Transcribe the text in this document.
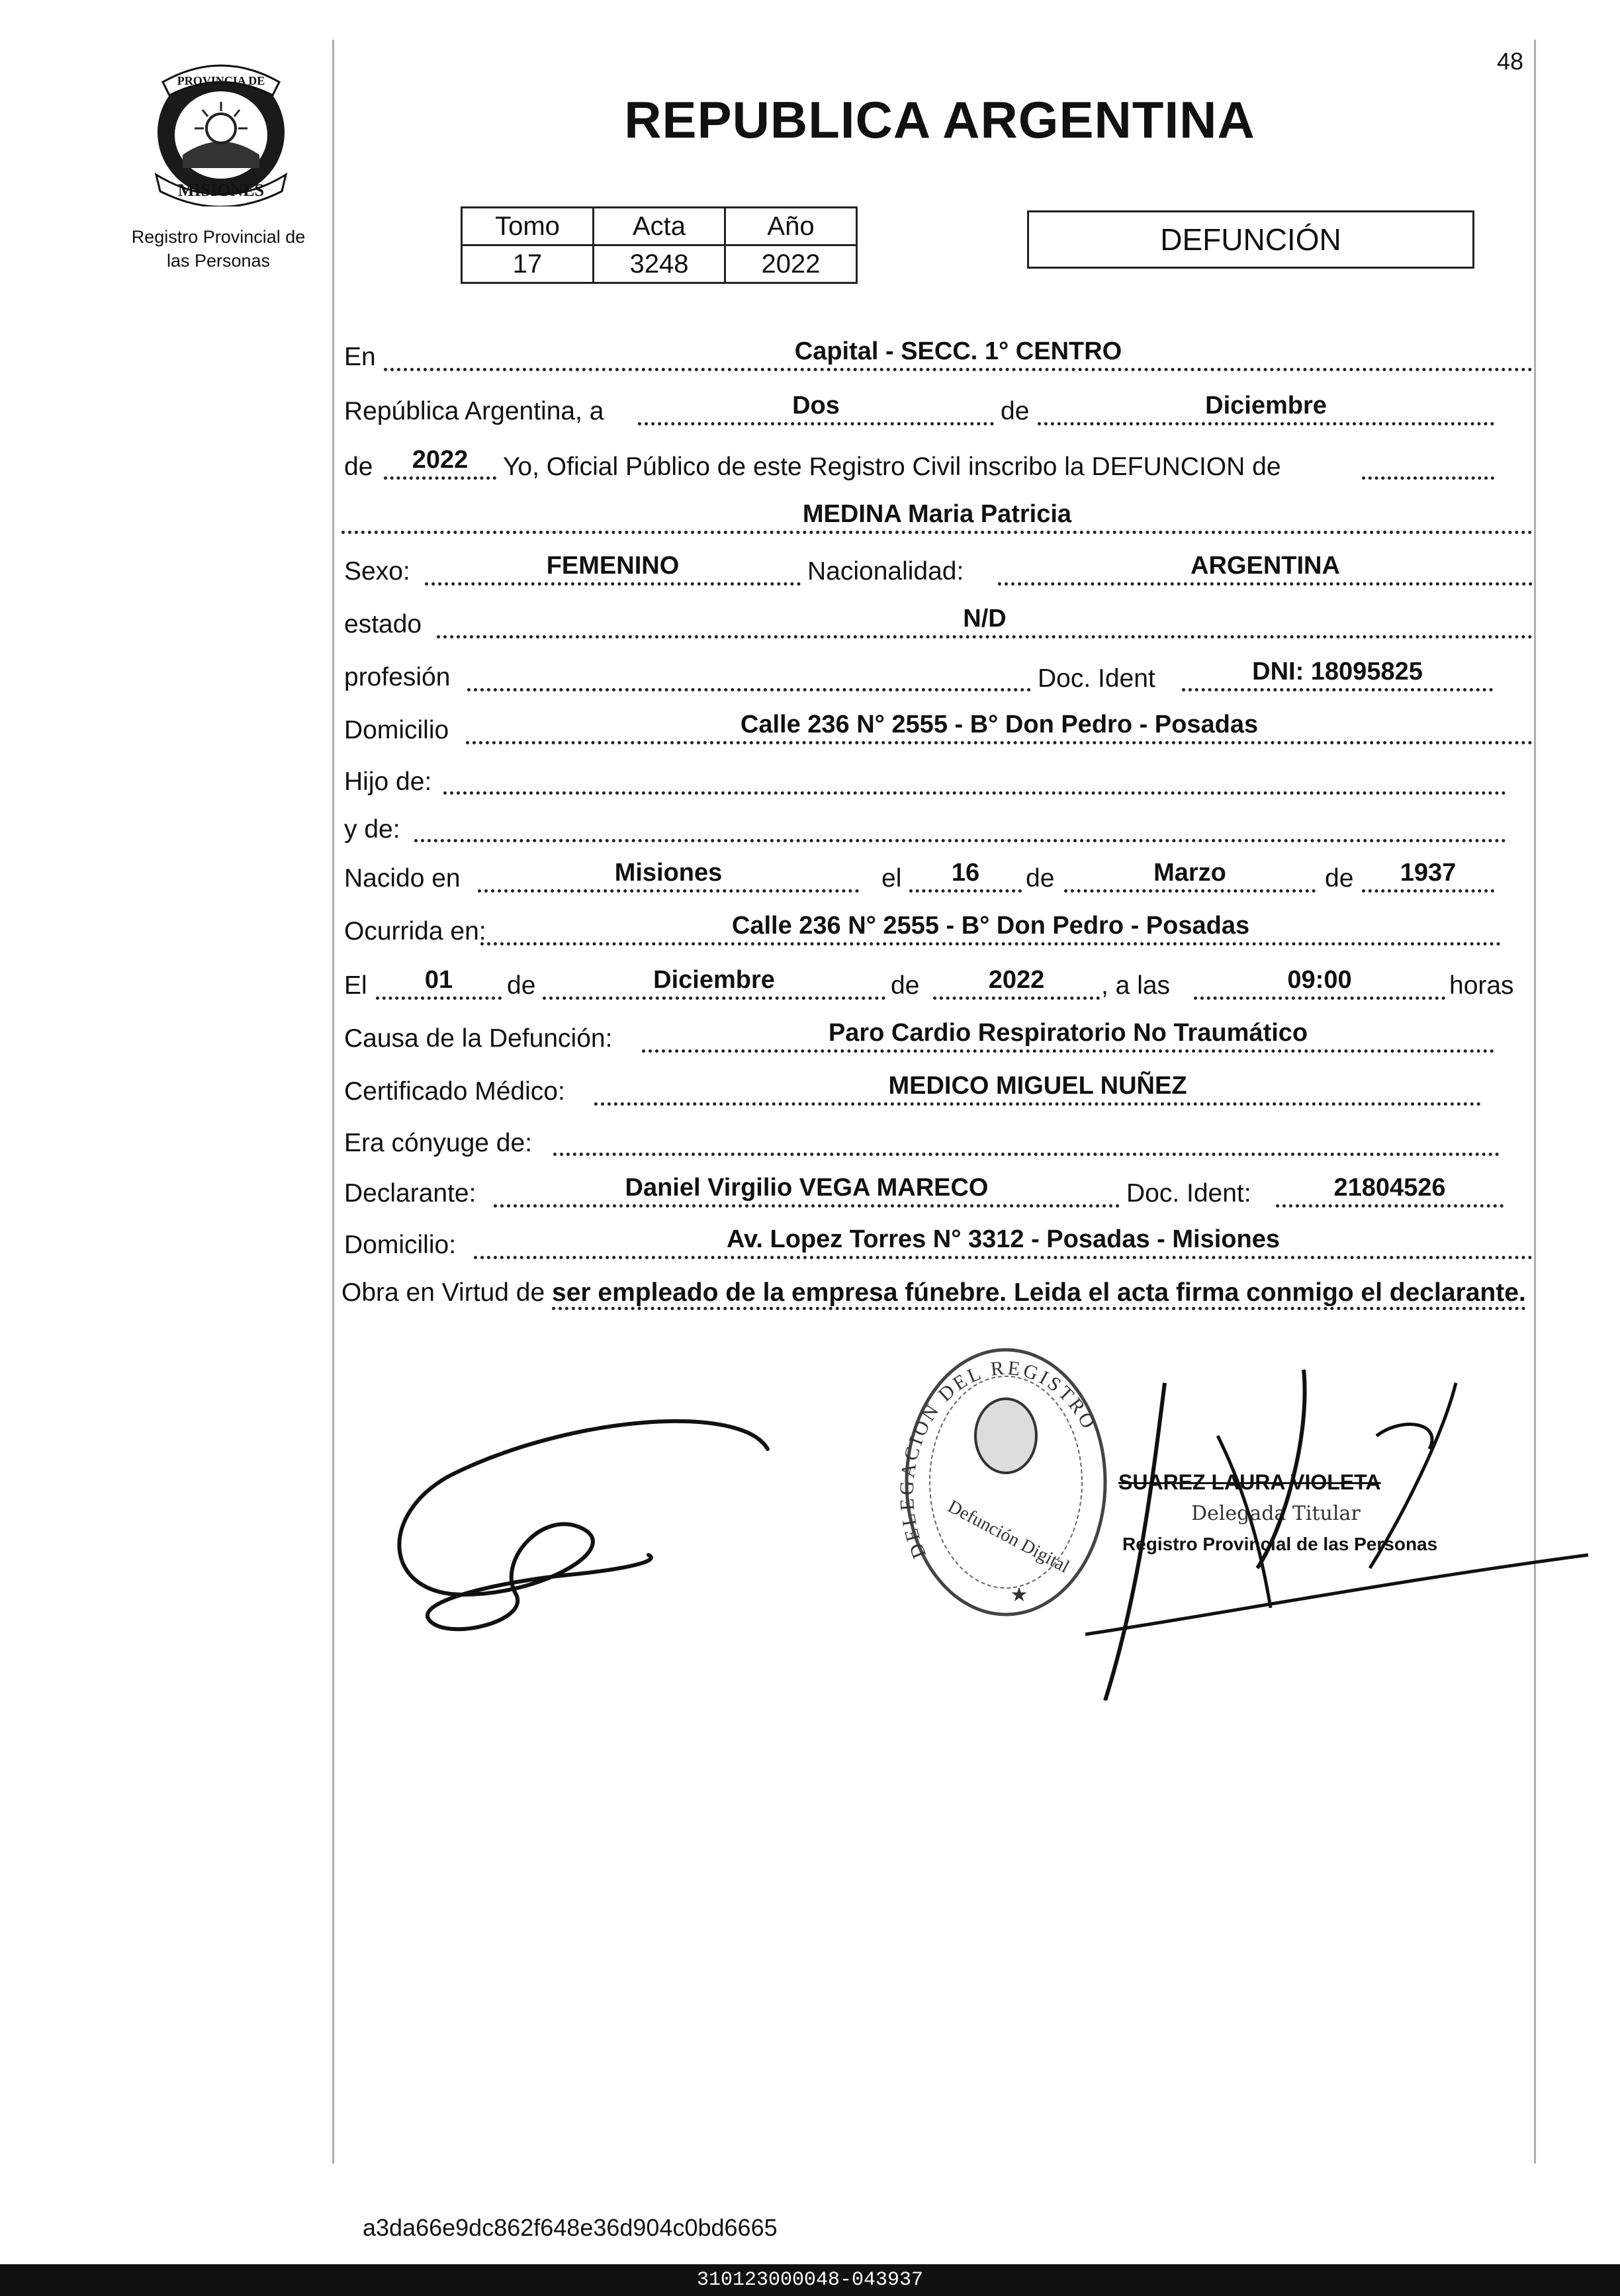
48
PROVINCIA DE
MISIONES
Registro Provincial de
las Personas
REPUBLICA ARGENTINA
Tomo	Acta	Año
17	3248	2022
DEFUNCIÓN
En	Capital - SECC. 1° CENTRO
República Argentina, a	Dos	de	Diciembre
de	2022	Yo, Oficial Público de este Registro Civil inscribo la DEFUNCION de
MEDINA Maria Patricia
Sexo:	FEMENINO	Nacionalidad:	ARGENTINA
estado	N/D
profesión	Doc. Ident	DNI: 18095825
Domicilio	Calle 236 N° 2555 - B° Don Pedro - Posadas
Hijo de:
y de:
Nacido en	Misiones	el	16	de	Marzo	de	1937
Ocurrida en:	Calle 236 N° 2555 - B° Don Pedro - Posadas
El	01	de	Diciembre	de	2022	, a las	09:00	horas
Causa de la Defunción:	Paro Cardio Respiratorio No Traumático
Certificado Médico:	MEDICO MIGUEL NUÑEZ
Era cónyuge de:
Declarante:	Daniel Virgilio VEGA MARECO	Doc. Ident:	21804526
Domicilio:	Av. Lopez Torres N° 3312 - Posadas - Misiones
Obra en Virtud de ser empleado de la empresa fúnebre. Leida el acta firma conmigo el declarante.
DELEGACION DEL REGISTRO
Defunción Digital
★
SUAREZ LAURA VIOLETA
Delegada Titular
Registro Provincial de las Personas
a3da66e9dc862f648e36d904c0bd6665
310123000048-043937
